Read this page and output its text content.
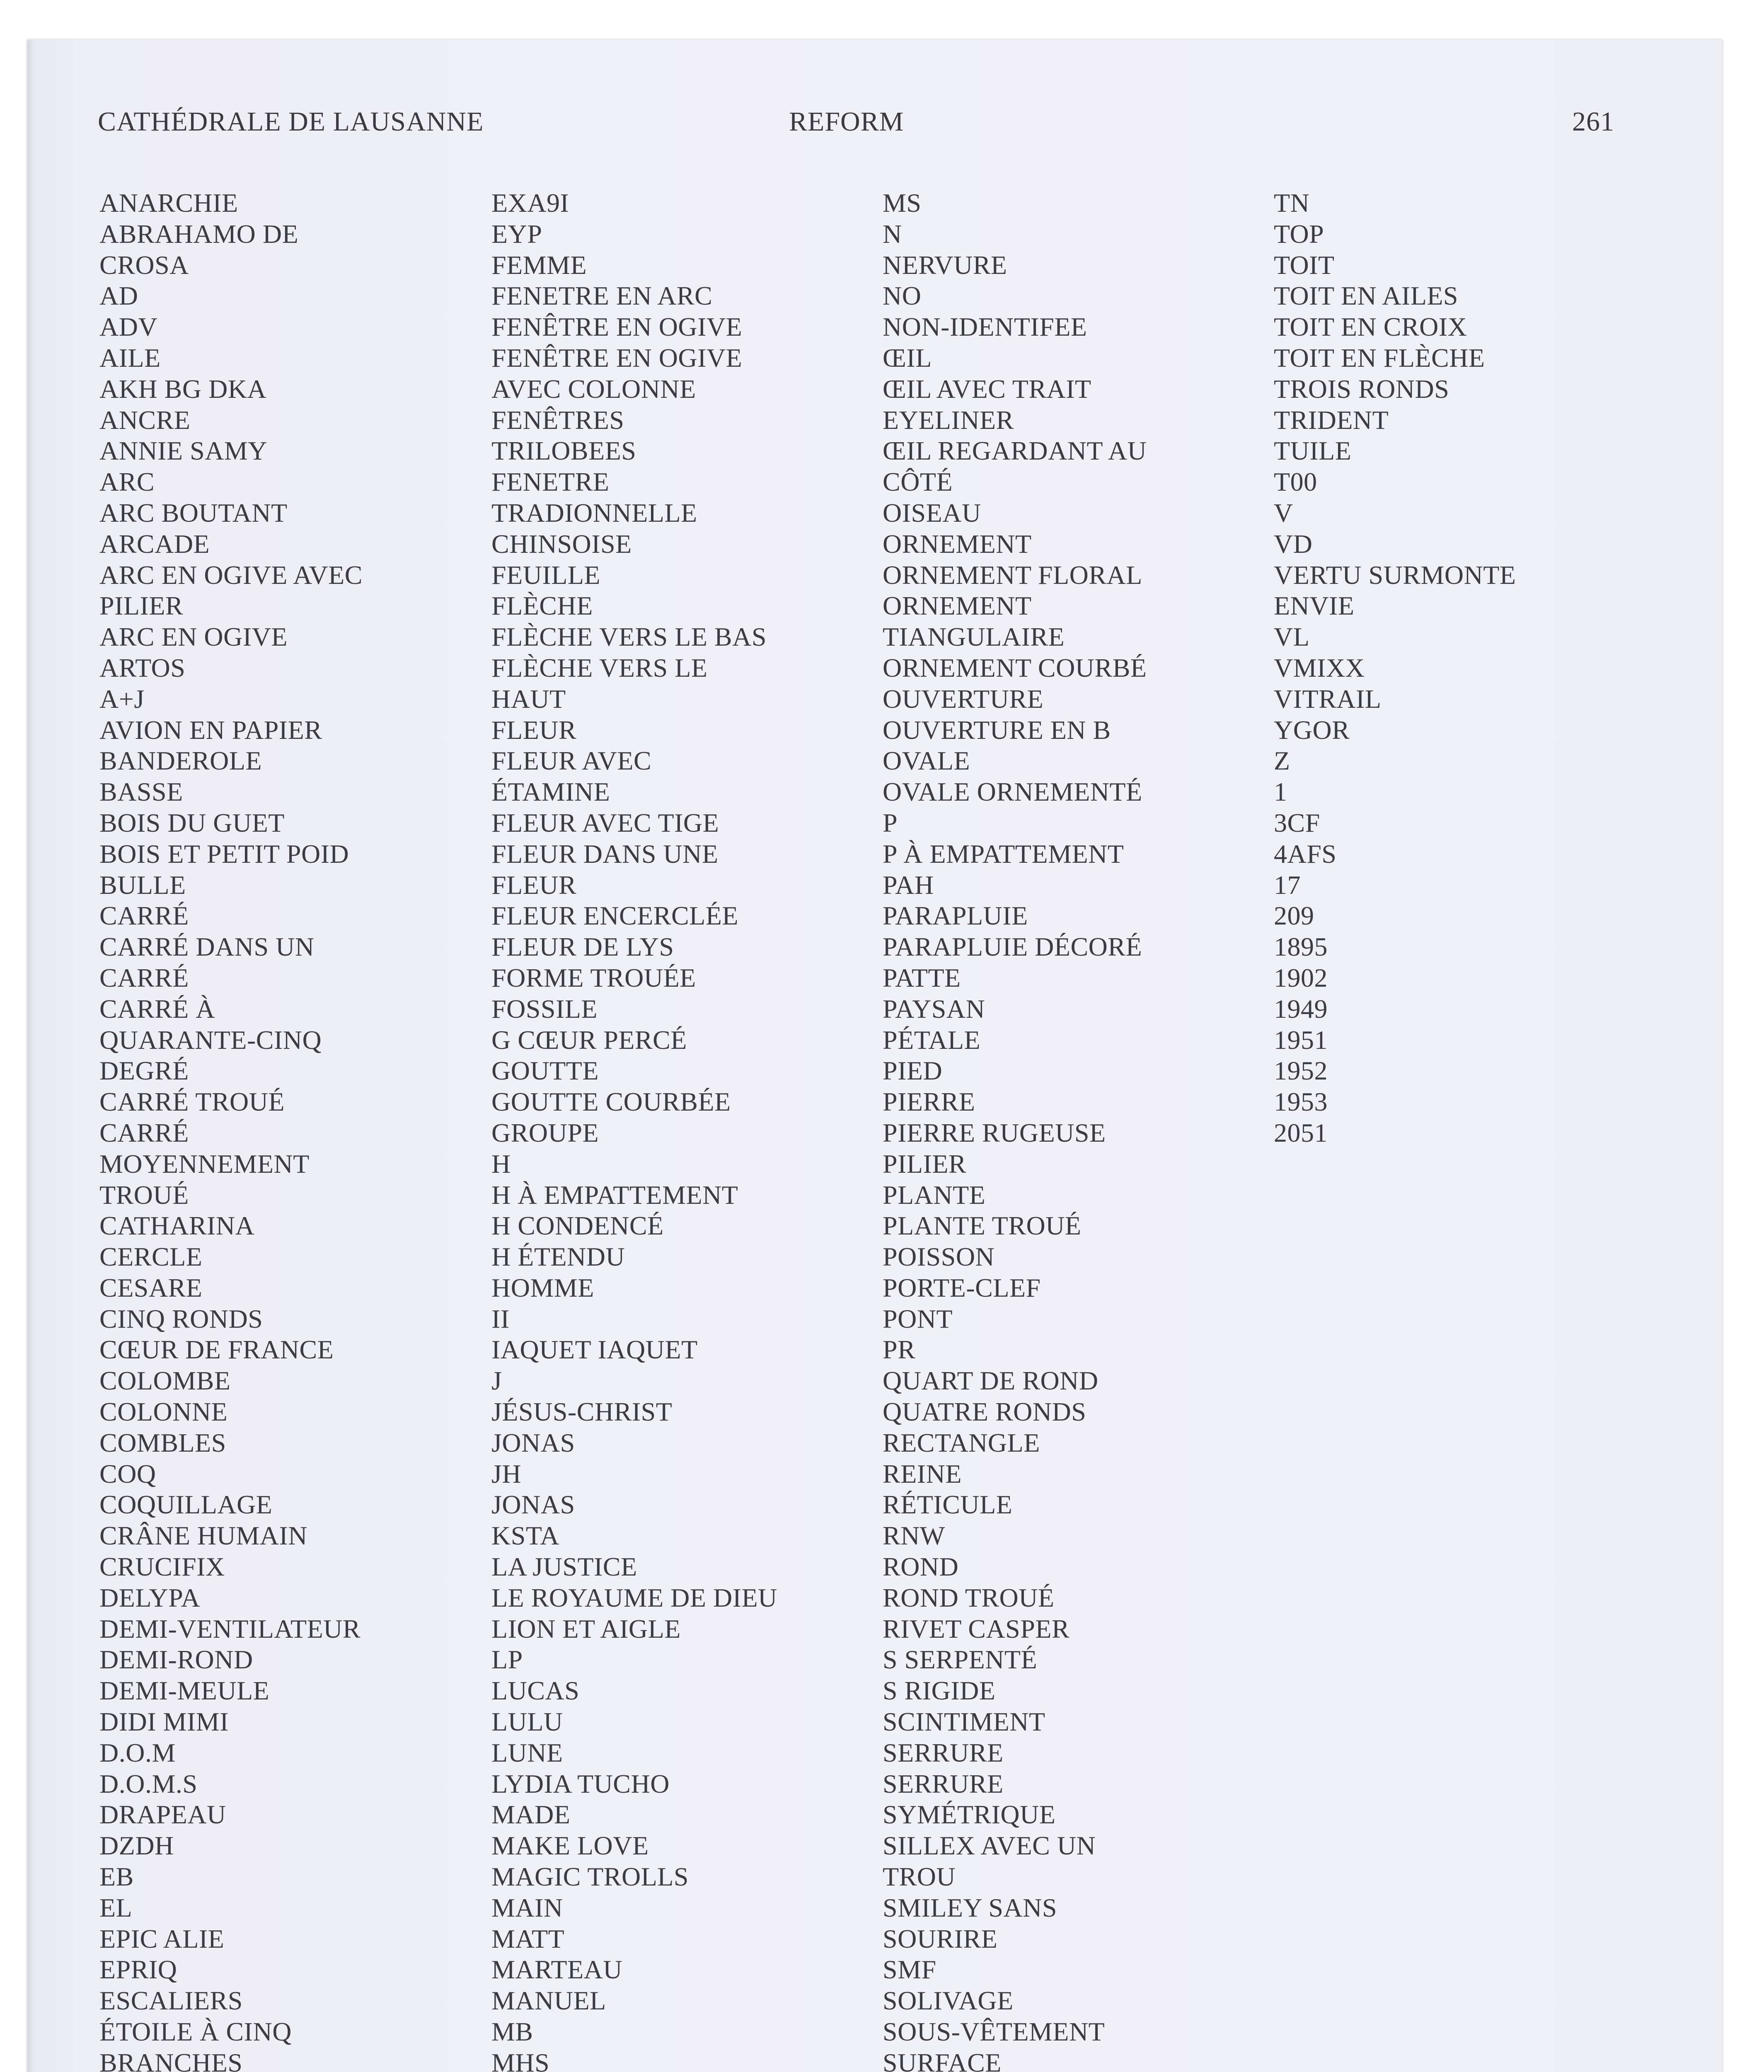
CATHÉDRALE DE LAUSANNE	REFORM	261
ANARCHIE
ABRAHAMO DE
CROSA
AD
ADV
AILE
AKH BG DKA
ANCRE
ANNIE SAMY
ARC
ARC BOUTANT
ARCADE
ARC EN OGIVE AVEC
PILIER
ARC EN OGIVE
ARTOS
A+J
AVION EN PAPIER
BANDEROLE
BASSE
BOIS DU GUET
BOIS ET PETIT POID
BULLE
CARRÉ
CARRÉ DANS UN
CARRÉ
CARRÉ À
QUARANTE-CINQ
DEGRÉ
CARRÉ TROUÉ
CARRÉ
MOYENNEMENT
TROUÉ
CATHARINA
CERCLE
CESARE
CINQ RONDS
CŒUR DE FRANCE
COLOMBE
COLONNE
COMBLES
COQ
COQUILLAGE
CRÂNE HUMAIN
CRUCIFIX
DELYPA
DEMI-VENTILATEUR
DEMI-ROND
DEMI-MEULE
DIDI MIMI
D.O.M
D.O.M.S
DRAPEAU
DZDH
EB
EL
EPIC ALIE
EPRIQ
ESCALIERS
ÉTOILE À CINQ
BRANCHES
EXA9I
EYP
FEMME
FENETRE EN ARC
FENÊTRE EN OGIVE
FENÊTRE EN OGIVE
AVEC COLONNE
FENÊTRES
TRILOBEES
FENETRE
TRADIONNELLE
CHINSOISE
FEUILLE
FLÈCHE
FLÈCHE VERS LE BAS
FLÈCHE VERS LE
HAUT
FLEUR
FLEUR AVEC
ÉTAMINE
FLEUR AVEC TIGE
FLEUR DANS UNE
FLEUR
FLEUR ENCERCLÉE
FLEUR DE LYS
FORME TROUÉE
FOSSILE
G CŒUR PERCÉ
GOUTTE
GOUTTE COURBÉE
GROUPE
H
H À EMPATTEMENT
H CONDENCÉ
H ÉTENDU
HOMME
II
IAQUET IAQUET
J
JÉSUS-CHRIST
JONAS
JH
JONAS
KSTA
LA JUSTICE
LE ROYAUME DE DIEU
LION ET AIGLE
LP
LUCAS
LULU
LUNE
LYDIA TUCHO
MADE
MAKE LOVE
MAGIC TROLLS
MAIN
MATT
MARTEAU
MANUEL
MB
MHS
MS
N
NERVURE
NO
NON-IDENTIFEE
ŒIL
ŒIL AVEC TRAIT
EYELINER
ŒIL REGARDANT AU
CÔTÉ
OISEAU
ORNEMENT
ORNEMENT FLORAL
ORNEMENT
TIANGULAIRE
ORNEMENT COURBÉ
OUVERTURE
OUVERTURE EN B
OVALE
OVALE ORNEMENTÉ
P
P À EMPATTEMENT
PAH
PARAPLUIE
PARAPLUIE DÉCORÉ
PATTE
PAYSAN
PÉTALE
PIED
PIERRE
PIERRE RUGEUSE
PILIER
PLANTE
PLANTE TROUÉ
POISSON
PORTE-CLEF
PONT
PR
QUART DE ROND
QUATRE RONDS
RECTANGLE
REINE
RÉTICULE
RNW
ROND
ROND TROUÉ
RIVET CASPER
S SERPENTÉ
S RIGIDE
SCINTIMENT
SERRURE
SERRURE
SYMÉTRIQUE
SILLEX AVEC UN
TROU
SMILEY SANS
SOURIRE
SMF
SOLIVAGE
SOUS-VÊTEMENT
SURFACE
TN
TOP
TOIT
TOIT EN AILES
TOIT EN CROIX
TOIT EN FLÈCHE
TROIS RONDS
TRIDENT
TUILE
T00
V
VD
VERTU SURMONTE
ENVIE
VL
VMIXX
VITRAIL
YGOR
Z
1
3CF
4AFS
17
209
1895
1902
1949
1951
1952
1953
2051
